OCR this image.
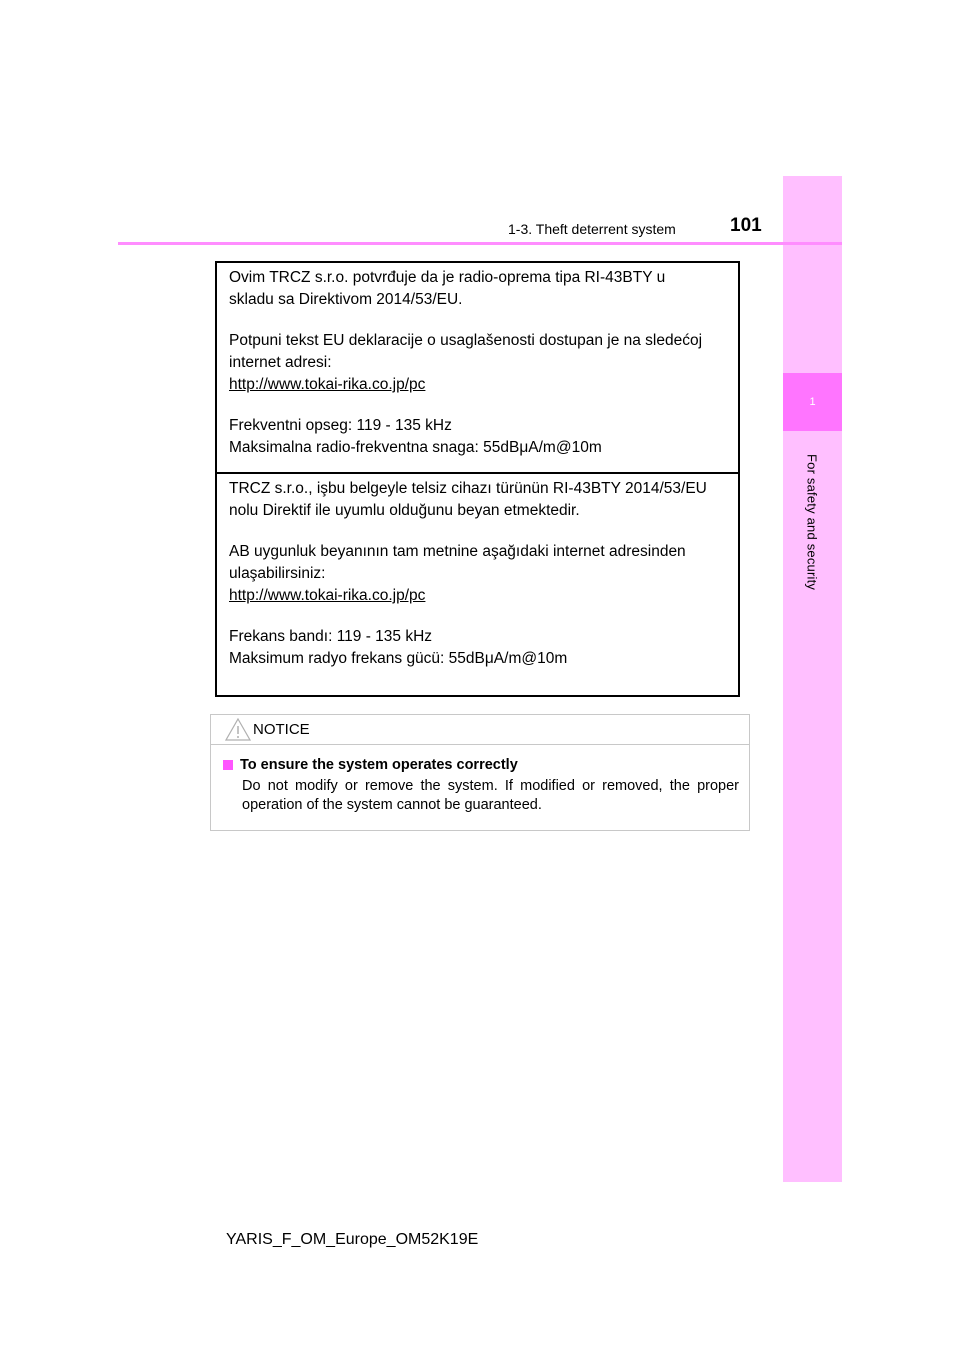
1
For safety and security
1-3. Theft deterrent system	101

Ovim TRCZ s.r.o. potvrđuje da je radio-oprema tipa RI-43BTY u
skladu sa Direktivom 2014/53/EU.

Potpuni tekst EU deklaracije o usaglašenosti dostupan je na sledećoj
internet adresi:
http://www.tokai-rika.co.jp/pc

Frekventni opseg: 119 - 135 kHz
Maksimalna radio-frekventna snaga: 55dBμA/m@10m

TRCZ s.r.o., işbu belgeyle telsiz cihazı türünün RI-43BTY 2014/53/EU
nolu Direktif ile uyumlu olduğunu beyan etmektedir.

AB uygunluk beyanının tam metnine aşağıdaki internet adresinden
ulaşabilirsiniz:
http://www.tokai-rika.co.jp/pc

Frekans bandı: 119 - 135 kHz
Maksimum radyo frekans gücü: 55dBμA/m@10m

NOTICE
To ensure the system operates correctly
Do not modify or remove the system. If modified or removed, the proper operation of the system cannot be guaranteed.
YARIS_F_OM_Europe_OM52K19E
